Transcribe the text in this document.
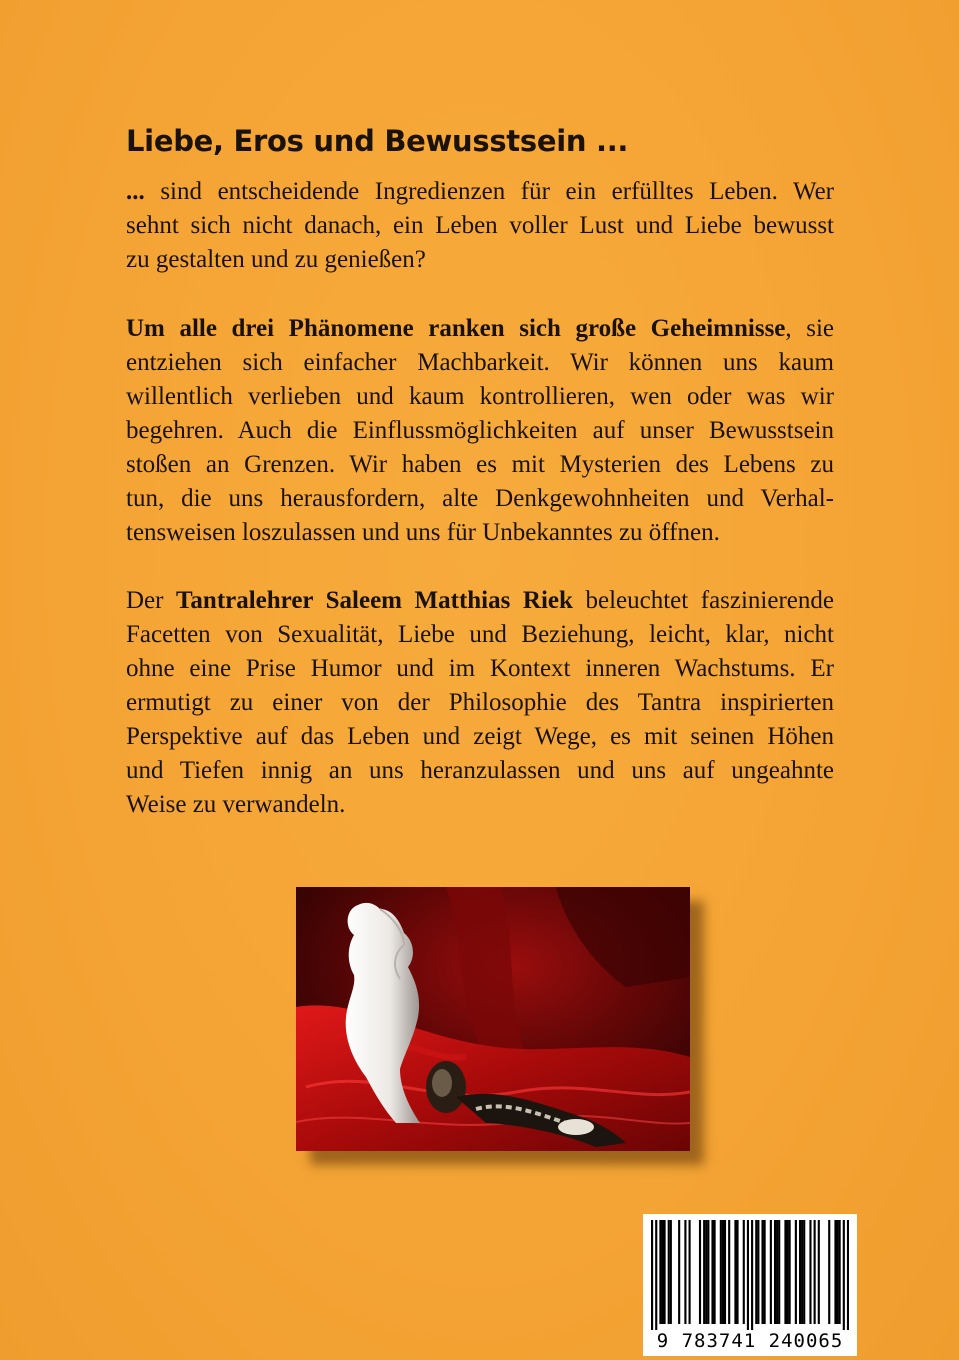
Liebe, Eros und Bewusstsein ...
... sind entscheidende Ingredienzen für ein erfülltes Leben. Wer
sehnt sich nicht danach, ein Leben voller Lust und Liebe bewusst
zu gestalten und zu genießen?
Um alle drei Phänomene ranken sich große Geheimnisse, sie
entziehen sich einfacher Machbarkeit. Wir können uns kaum
willentlich verlieben und kaum kontrollieren, wen oder was wir
begehren. Auch die Einflussmöglichkeiten auf unser Bewusstsein
stoßen an Grenzen. Wir haben es mit Mysterien des Lebens zu
tun, die uns herausfordern, alte Denkgewohnheiten und Verhal-
tensweisen loszulassen und uns für Unbekanntes zu öffnen.
Der Tantralehrer Saleem Matthias Riek beleuchtet faszinierende
Facetten von Sexualität, Liebe und Beziehung, leicht, klar, nicht
ohne eine Prise Humor und im Kontext inneren Wachstums. Er
ermutigt zu einer von der Philosophie des Tantra inspirierten
Perspektive auf das Leben und zeigt Wege, es mit seinen Höhen
und Tiefen innig an uns heranzulassen und uns auf ungeahnte
Weise zu verwandeln.
9 783741 240065
